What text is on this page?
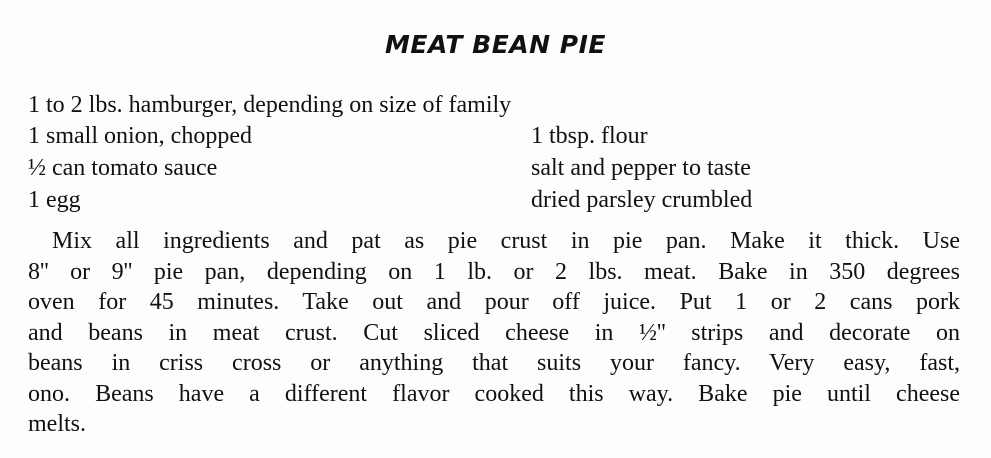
MEAT BEAN PIE
1 to 2 lbs. hamburger, depending on size of family
1 small onion, chopped
½ can tomato sauce
1 egg
1 tbsp. flour
salt and pepper to taste
dried parsley crumbled
Mix all ingredients and pat as pie crust in pie pan. Make it thick. Use
8'' or 9'' pie pan, depending on 1 lb. or 2 lbs. meat. Bake in 350 degrees
oven for 45 minutes. Take out and pour off juice. Put 1 or 2 cans pork
and beans in meat crust. Cut sliced cheese in ½'' strips and decorate on
beans in criss cross or anything that suits your fancy. Very easy, fast,
ono. Beans have a different flavor cooked this way. Bake pie until cheese
melts.
